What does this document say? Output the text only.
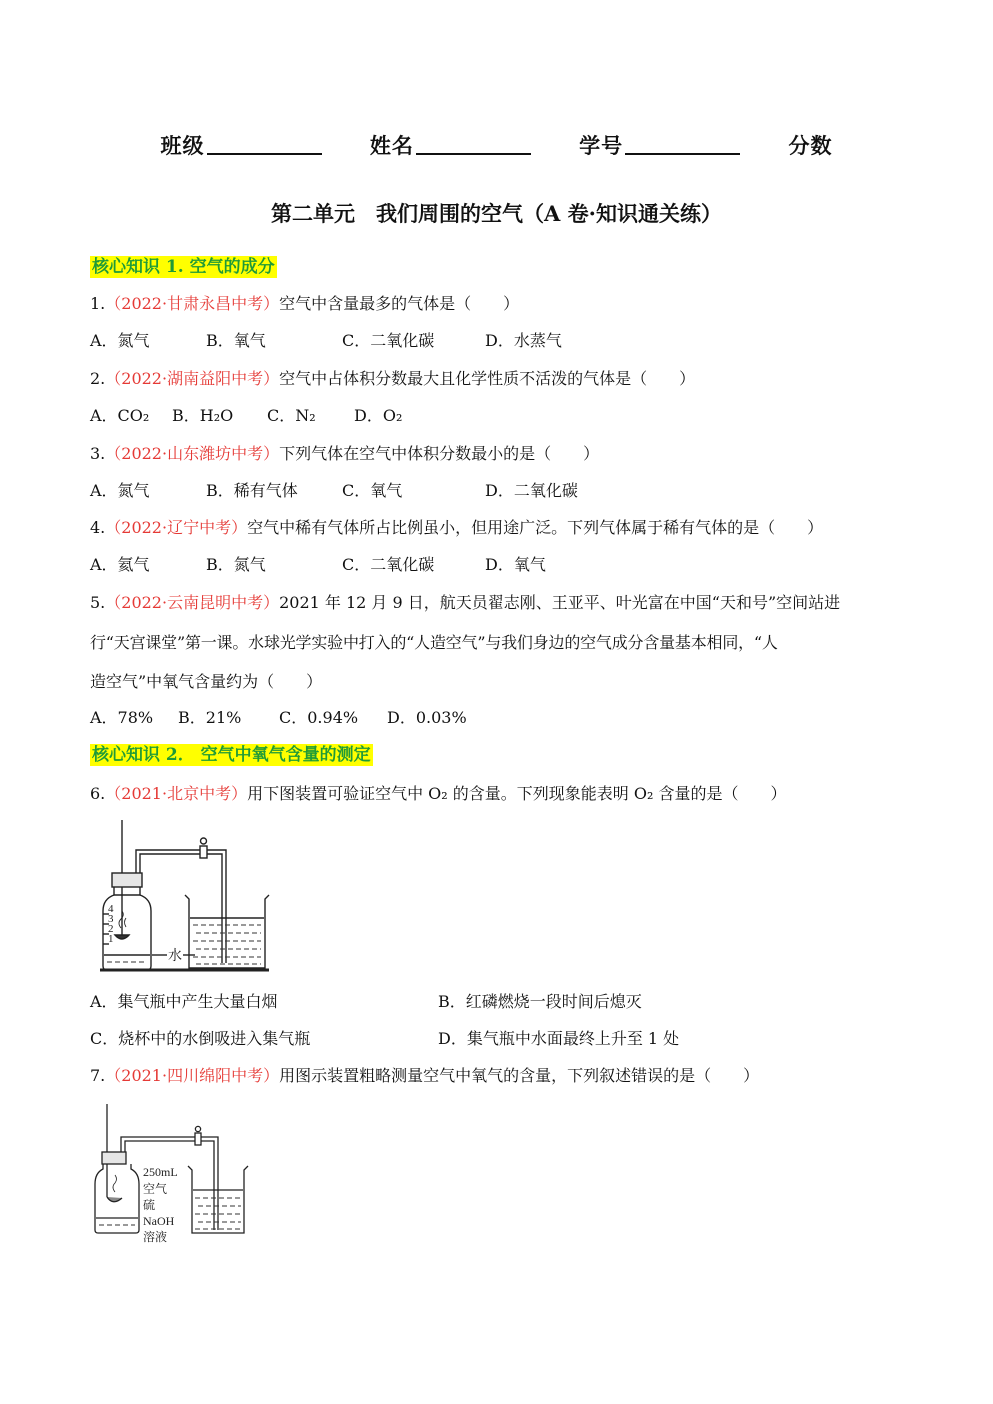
班级	姓名	学号	分数
第二单元　我们周围的空气（A 卷·知识通关练）
核心知识 1. 空气的成分
1.（2022·甘肃永昌中考）空气中含量最多的气体是（　　）
A．氮气	B．氧气	C．二氧化碳	D．水蒸气
2.（2022·湖南益阳中考）空气中占体积分数最大且化学性质不活泼的气体是（　　）
A．CO₂ B．H₂O C．N₂ D．O₂
3.（2022·山东潍坊中考）下列气体在空气中体积分数最小的是（　　）
A．氮气	B．稀有气体	C．氧气	D．二氧化碳
4.（2022·辽宁中考）空气中稀有气体所占比例虽小，但用途广泛。下列气体属于稀有气体的是（　　）
A．氦气	B．氮气	C．二氧化碳	D．氧气
5.（2022·云南昆明中考）2021 年 12 月 9 日，航天员翟志刚、王亚平、叶光富在中国“天和号”空间站进
行“天宫课堂”第一课。水球光学实验中打入的“人造空气”与我们身边的空气成分含量基本相同，“人
造空气”中氧气含量约为（　　）
A．78% B．21% C．0.94% D．0.03%
核心知识 2． 空气中氧气含量的测定
6.（2021·北京中考）用下图装置可验证空气中 O₂ 的含量。下列现象能表明 O₂ 含量的是（　　）
4
3
2
1
水
A．集气瓶中产生大量白烟	B．红磷燃烧一段时间后熄灭
C．烧杯中的水倒吸进入集气瓶	D．集气瓶中水面最终上升至 1 处
7.（2021·四川绵阳中考）用图示装置粗略测量空气中氧气的含量，下列叙述错误的是（　　）
250mL
空气
硫
NaOH
溶液
